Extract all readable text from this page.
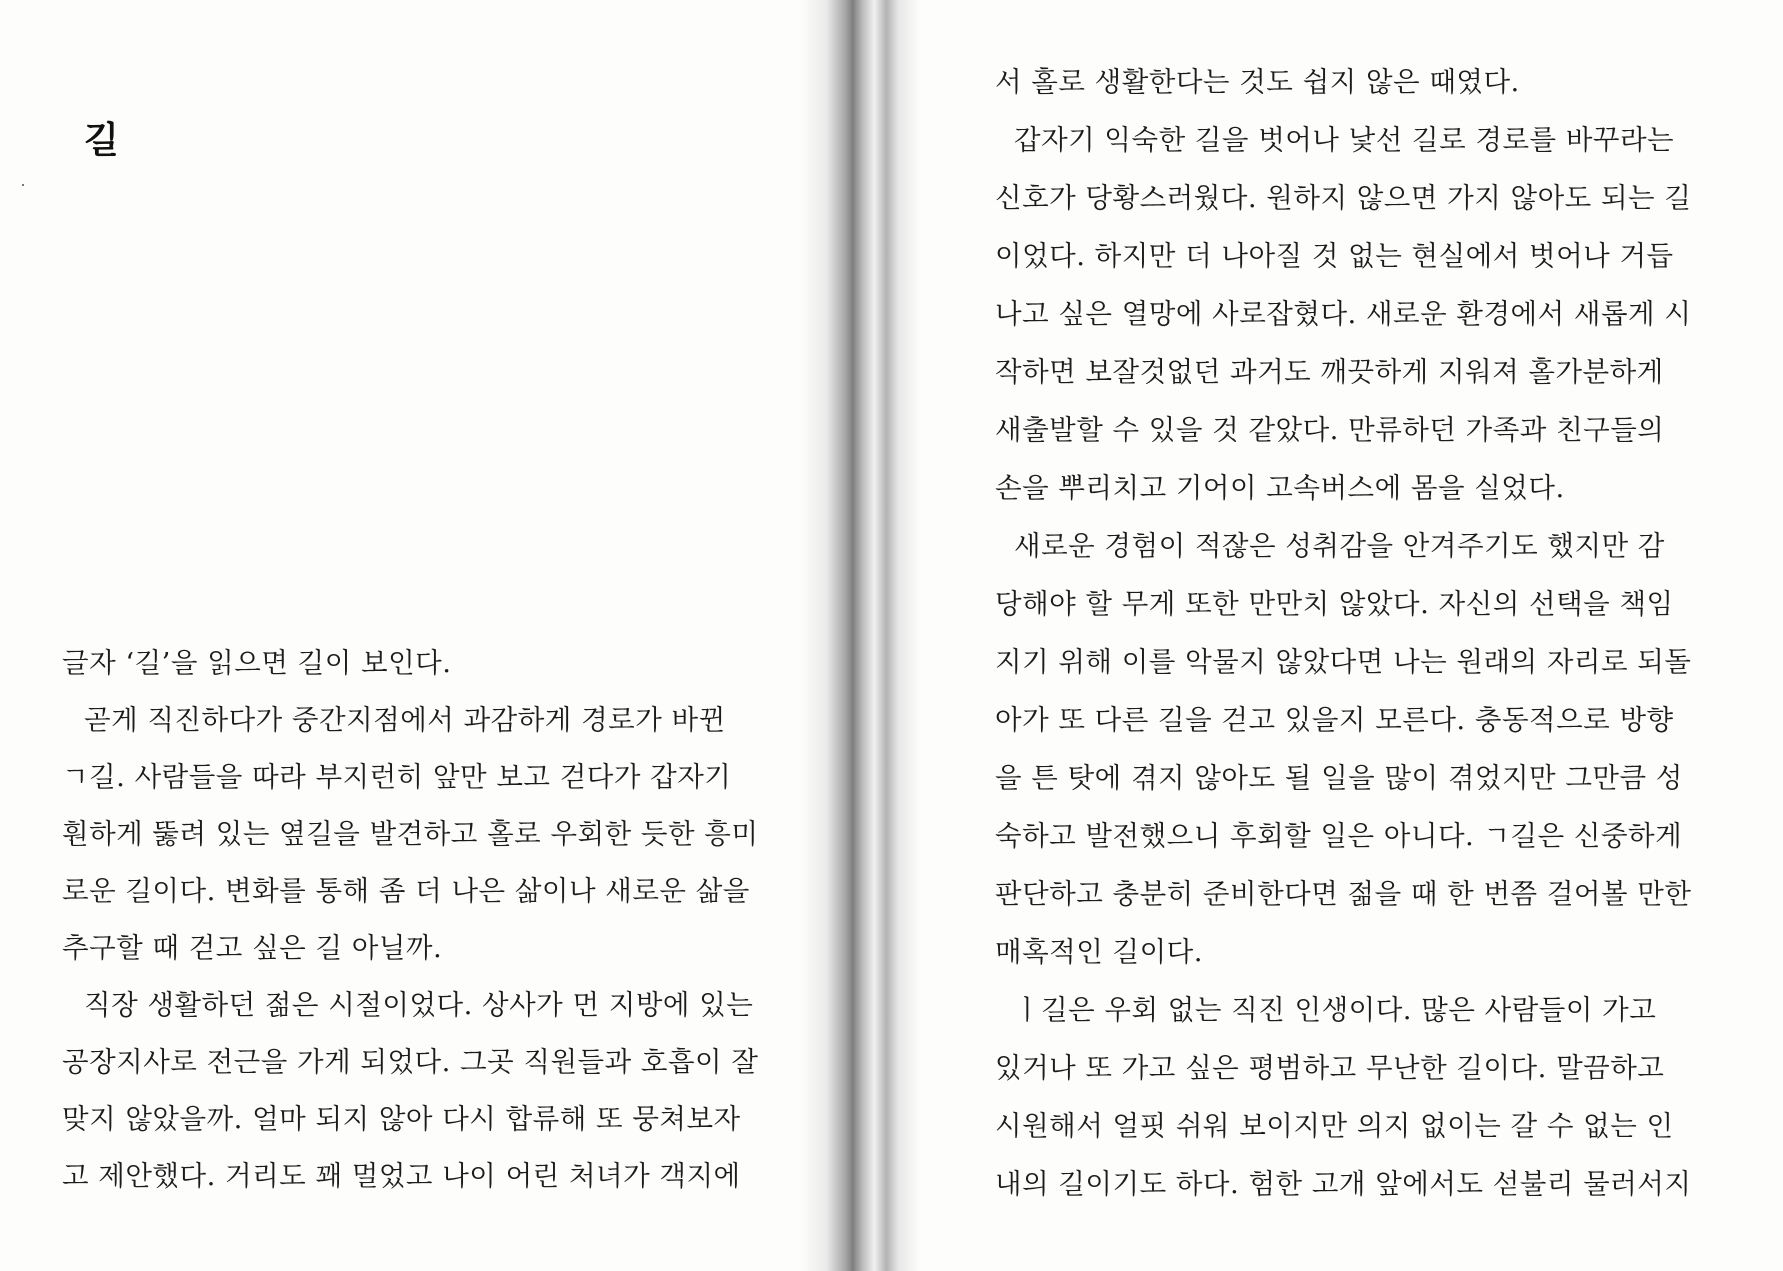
길
글자 ‘길’을 읽으면 길이 보인다.
곧게 직진하다가 중간지점에서 과감하게 경로가 바뀐
ㄱ길. 사람들을 따라 부지런히 앞만 보고 걷다가 갑자기
훤하게 뚫려 있는 옆길을 발견하고 홀로 우회한 듯한 흥미
로운 길이다. 변화를 통해 좀 더 나은 삶이나 새로운 삶을
추구할 때 걷고 싶은 길 아닐까.
직장 생활하던 젊은 시절이었다. 상사가 먼 지방에 있는
공장지사로 전근을 가게 되었다. 그곳 직원들과 호흡이 잘
맞지 않았을까. 얼마 되지 않아 다시 합류해 또 뭉쳐보자
고 제안했다. 거리도 꽤 멀었고 나이 어린 처녀가 객지에
서 홀로 생활한다는 것도 쉽지 않은 때였다.
갑자기 익숙한 길을 벗어나 낯선 길로 경로를 바꾸라는
신호가 당황스러웠다. 원하지 않으면 가지 않아도 되는 길
이었다. 하지만 더 나아질 것 없는 현실에서 벗어나 거듭
나고 싶은 열망에 사로잡혔다. 새로운 환경에서 새롭게 시
작하면 보잘것없던 과거도 깨끗하게 지워져 홀가분하게
새출발할 수 있을 것 같았다. 만류하던 가족과 친구들의
손을 뿌리치고 기어이 고속버스에 몸을 실었다.
새로운 경험이 적잖은 성취감을 안겨주기도 했지만 감
당해야 할 무게 또한 만만치 않았다. 자신의 선택을 책임
지기 위해 이를 악물지 않았다면 나는 원래의 자리로 되돌
아가 또 다른 길을 걷고 있을지 모른다. 충동적으로 방향
을 튼 탓에 겪지 않아도 될 일을 많이 겪었지만 그만큼 성
숙하고 발전했으니 후회할 일은 아니다. ㄱ길은 신중하게
판단하고 충분히 준비한다면 젊을 때 한 번쯤 걸어볼 만한
매혹적인 길이다.
ㅣ길은 우회 없는 직진 인생이다. 많은 사람들이 가고
있거나 또 가고 싶은 평범하고 무난한 길이다. 말끔하고
시원해서 얼핏 쉬워 보이지만 의지 없이는 갈 수 없는 인
내의 길이기도 하다. 험한 고개 앞에서도 섣불리 물러서지
